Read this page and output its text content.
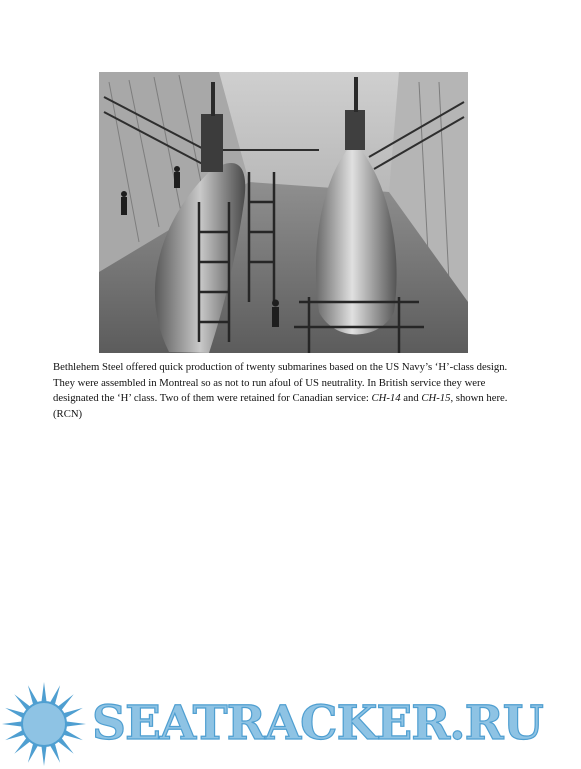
Bethlehem Steel offered quick production of twenty submarines based on the US Navy’s ‘H’-class design. They were assembled in Montreal so as not to run afoul of US neutrality. In British service they were designated the ‘H’ class. Two of them were retained for Canadian service: CH-14 and CH-15, shown here. (RCN)
SEATRACKER.RU
